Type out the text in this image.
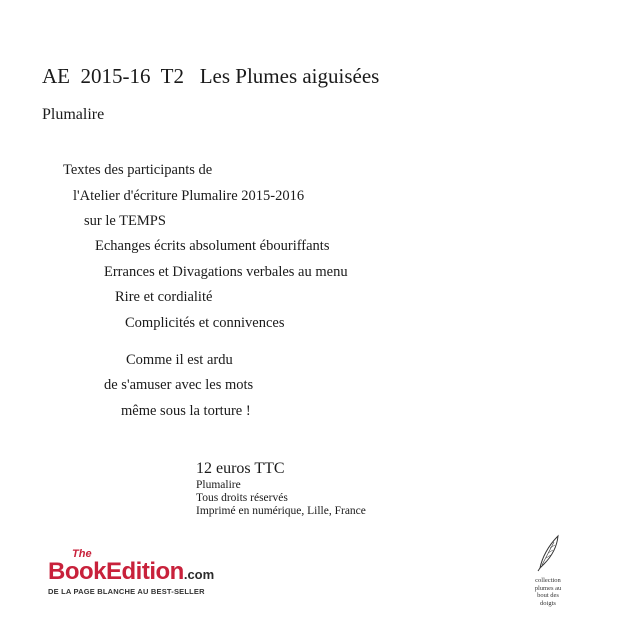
AE 2015-16 T2 Les Plumes aiguisées
Plumalire
Textes des participants de
l'Atelier d'écriture Plumalire 2015-2016
sur le TEMPS
Echanges écrits absolument ébouriffants
Errances et Divagations verbales au menu
Rire et cordialité
Complicités et connivences
Comme il est ardu
de s'amuser avec les mots
même sous la torture !
12 euros TTC
Plumalire
Tous droits réservés
Imprimé en numérique, Lille, France
The
BookEdition.com
DE LA PAGE BLANCHE AU BEST-SELLER
collection
plumes au
bout des
doigts
